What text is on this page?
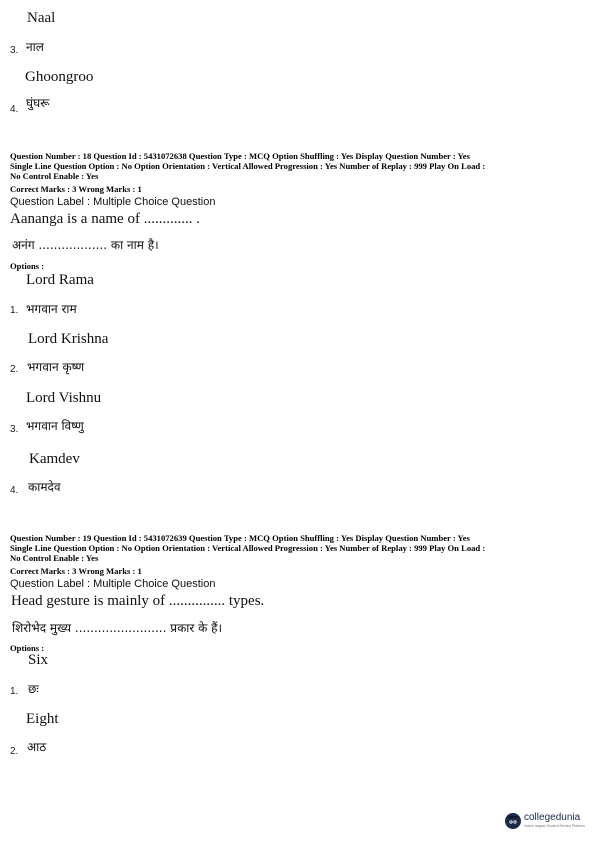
Naal
3. नाल
Ghoongroo
4. घुंघरू
Question Number : 18 Question Id : 5431072638 Question Type : MCQ Option Shuffling : Yes Display Question Number : Yes
Single Line Question Option : No Option Orientation : Vertical Allowed Progression : Yes Number of Replay : 999 Play On Load :
No Control Enable : Yes
Correct Marks : 3 Wrong Marks : 1
Question Label : Multiple Choice Question
Aananga is a name of ............. .
अनंग .................. का नाम है।
Options :
Lord Rama
1. भगवान राम
Lord Krishna
2. भगवान कृष्ण
Lord Vishnu
3. भगवान विष्णु
Kamdev
4. कामदेव
Question Number : 19 Question Id : 5431072639 Question Type : MCQ Option Shuffling : Yes Display Question Number : Yes
Single Line Question Option : No Option Orientation : Vertical Allowed Progression : Yes Number of Replay : 999 Play On Load :
No Control Enable : Yes
Correct Marks : 3 Wrong Marks : 1
Question Label : Multiple Choice Question
Head gesture is mainly of ............... types.
शिरोभेद मुख्य ........................ प्रकार के हैं।
Options :
Six
1. छः
Eight
2. आठ
collegedunia
India's largest Student Review Platform
